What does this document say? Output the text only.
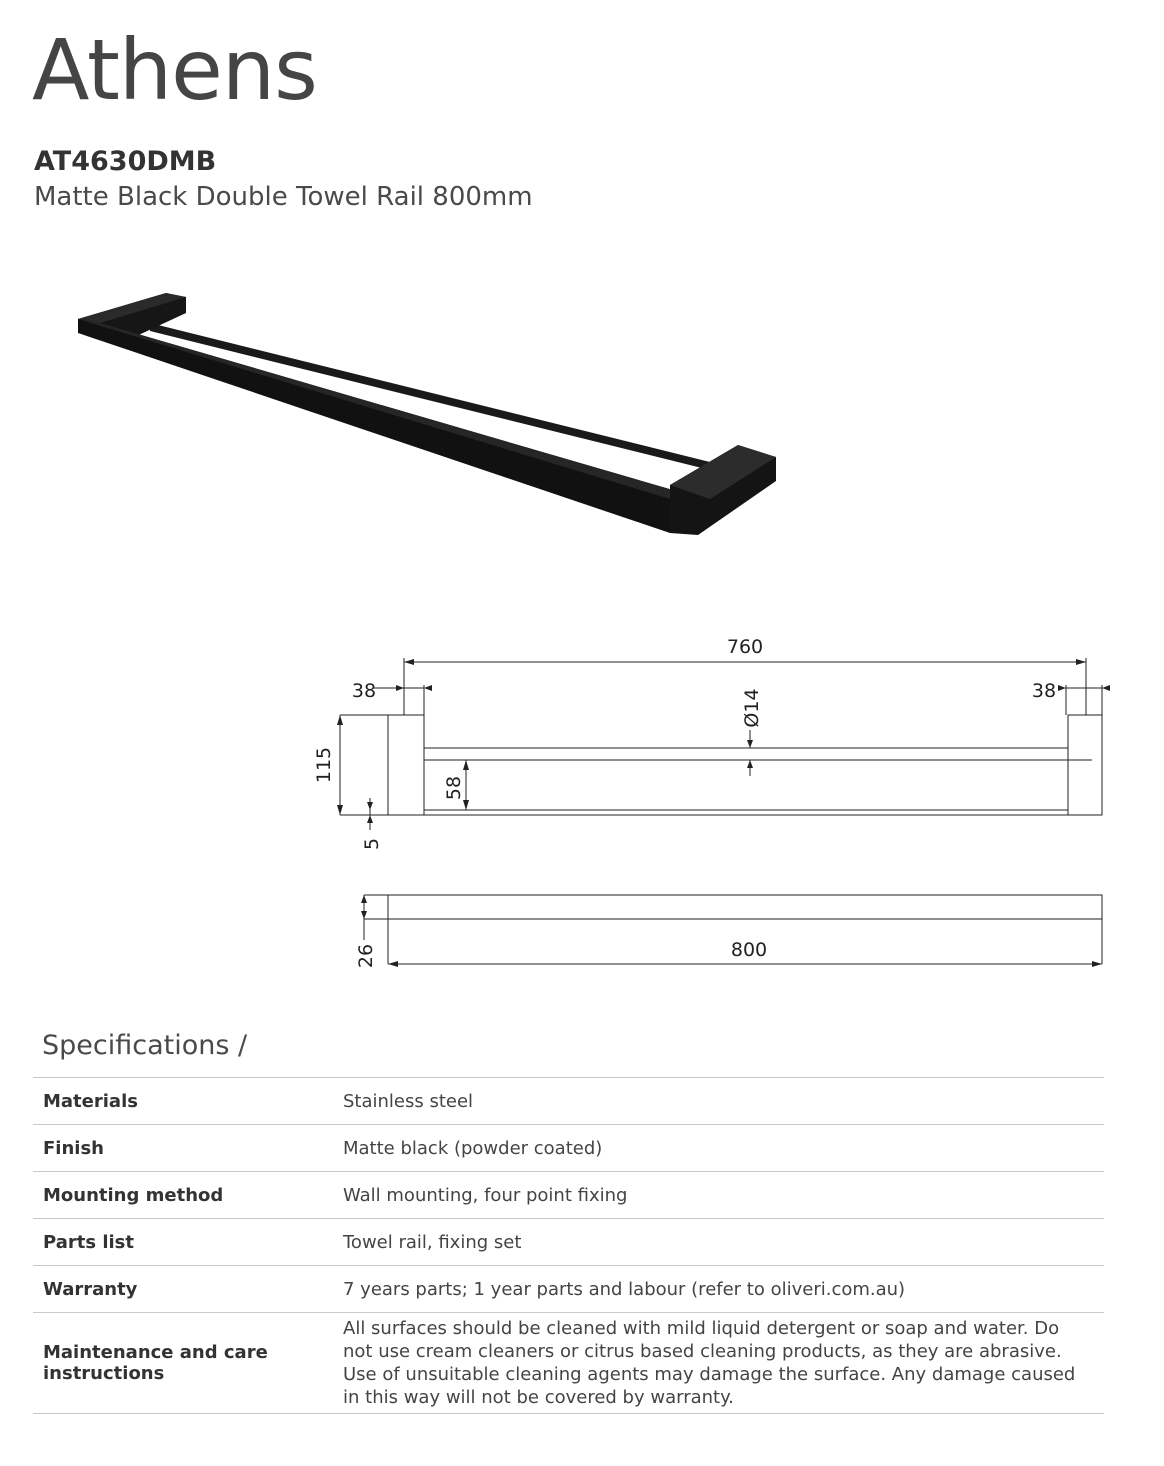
Athens
AT4630DMB
Matte Black Double Towel Rail 800mm
760
38	38
115
Ø14
58
5
26	800
Specifications /
Materials	Stainless steel
Finish	Matte black (powder coated)
Mounting method	Wall mounting, four point fixing
Parts list	Towel rail, fixing set
Warranty	7 years parts; 1 year parts and labour (refer to oliveri.com.au)
Maintenance and care instructions	All surfaces should be cleaned with mild liquid detergent or soap and water. Do not use cream cleaners or citrus based cleaning products, as they are abrasive. Use of unsuitable cleaning agents may damage the surface. Any damage caused in this way will not be covered by warranty.
